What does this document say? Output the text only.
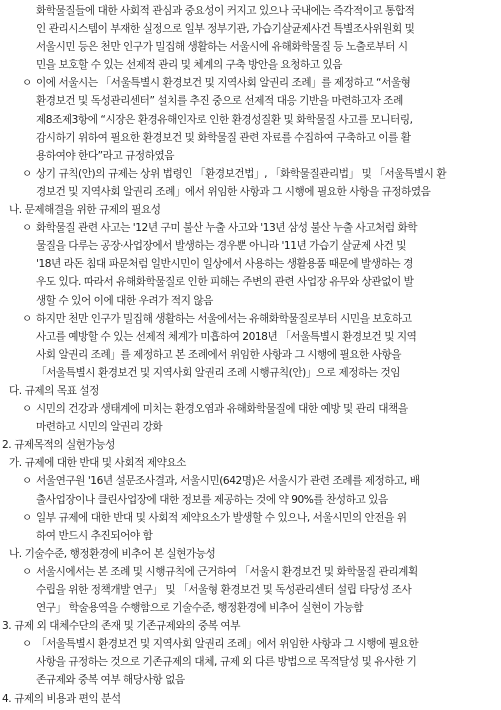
화학물질들에 대한 사회적 관심과 중요성이 커지고 있으나 국내에는 즉각적이고 통합적
인 관리시스템이 부재한 실정으로 일부 정부기관, 가습기살균제사건 특별조사위원회 및
서울시민 등은 천만 인구가 밀집해 생활하는 서울시에 유해화학물질 등 노출로부터 시
민을 보호할 수 있는 선제적 관리 및 체계의 구축 방안을 요청하고 있음
ㅇ 이에 서울시는 「서울특별시 환경보건 및 지역사회 알권리 조례」를 제정하고 “서울형
환경보건 및 독성관리센터” 설치를 추진 중으로 선제적 대응 기반을 마련하고자 조례
제8조제3항에 “시장은 환경유해인자로 인한 환경성질환 및 화학물질 사고를 모니터링,
감시하기 위하여 필요한 환경보건 및 화학물질 관련 자료를 수집하여 구축하고 이를 활
용하여야 한다”라고 규정하였음
ㅇ 상기 규칙(안)의 규제는 상위 법령인 「환경보건법」, 「화학물질관리법」 및 「서울특별시 환
경보건 및 지역사회 알권리 조례」에서 위임한 사항과 그 시행에 필요한 사항을 규정하였음
나. 문제해결을 위한 규제의 필요성
ㅇ 화학물질 관련 사고는 '12년 구미 불산 누출 사고와 '13년 삼성 불산 누출 사고처럼 화학
물질을 다루는 공장·사업장에서 발생하는 경우뿐 아니라 '11년 가습기 살균제 사건 및
'18년 라돈 침대 파문처럼 일반시민이 일상에서 사용하는 생활용품 때문에 발생하는 경
우도 있다. 따라서 유해화학물질로 인한 피해는 주변의 관련 사업장 유무와 상관없이 발
생할 수 있어 이에 대한 우려가 적지 않음
ㅇ 하지만 천만 인구가 밀집해 생활하는 서울에서는 유해화학물질로부터 시민을 보호하고
사고를 예방할 수 있는 선제적 체계가 미흡하여 2018년 「서울특별시 환경보건 및 지역
사회 알권리 조례」를 제정하고 본 조례에서 위임한 사항과 그 시행에 필요한 사항을
「서울특별시 환경보건 및 지역사회 알권리 조례 시행규칙(안)」으로 제정하는 것임
다. 규제의 목표 설정
ㅇ 시민의 건강과 생태계에 미치는 환경오염과 유해화학물질에 대한 예방 및 관리 대책을
마련하고 시민의 알권리 강화
2. 규제목적의 실현가능성
가. 규제에 대한 반대 및 사회적 제약요소
ㅇ 서울연구원 '16년 설문조사결과, 서울시민(642명)은 서울시가 관련 조례를 제정하고, 배
출사업장이나 클린사업장에 대한 정보를 제공하는 것에 약 90%를 찬성하고 있음
ㅇ 일부 규제에 대한 반대 및 사회적 제약요소가 발생할 수 있으나, 서울시민의 안전을 위
하여 반드시 추진되어야 함
나. 기술수준, 행정환경에 비추어 본 실현가능성
ㅇ 서울시에서는 본 조례 및 시행규칙에 근거하여 「서울시 환경보건 및 화학물질 관리계획
수립을 위한 정책개발 연구」 및 「서울형 환경보건 및 독성관리센터 설립 타당성 조사
연구」 학술용역을 수행함으로 기술수준, 행정환경에 비추어 실현이 가능함
3. 규제 외 대체수단의 존재 및 기존규제와의 중복 여부
ㅇ 「서울특별시 환경보건 및 지역사회 알권리 조례」에서 위임한 사항과 그 시행에 필요한
사항을 규정하는 것으로 기존규제의 대체, 규제 외 다른 방법으로 목적달성 및 유사한 기
존규제와 중복 여부 해당사항 없음
4. 규제의 비용과 편익 분석
